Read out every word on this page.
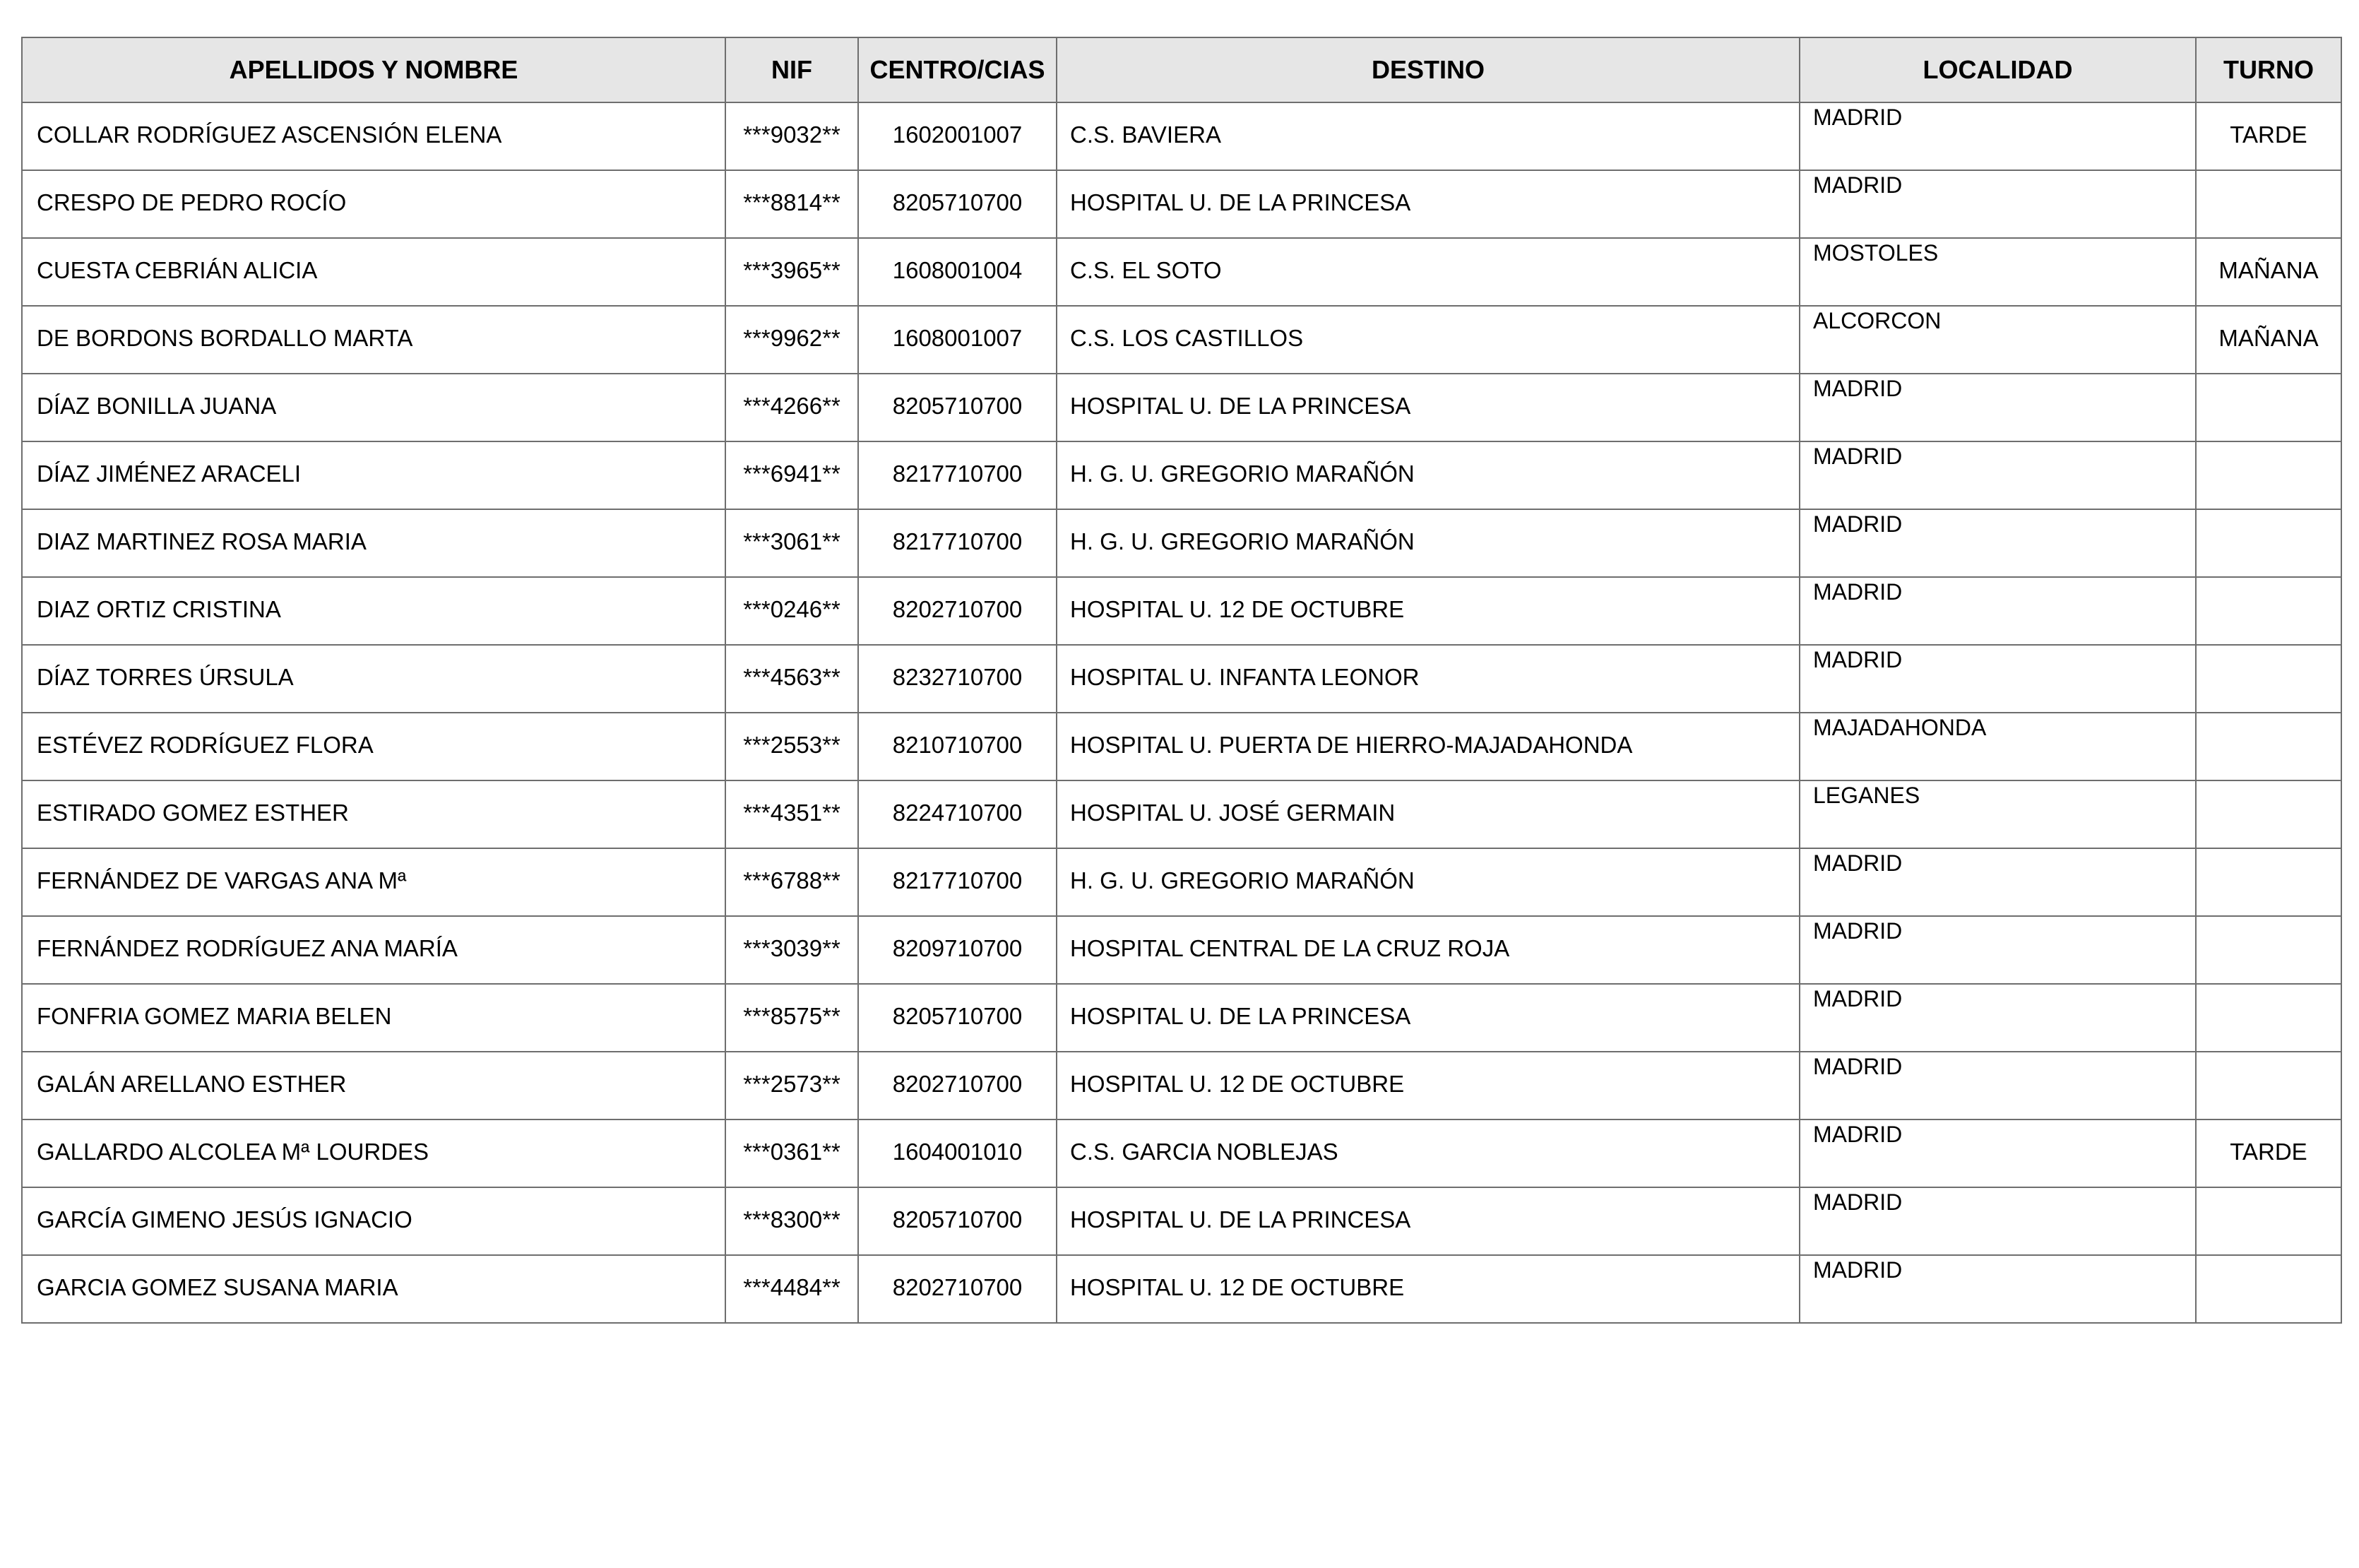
APELLIDOS Y NOMBRE	NIF	CENTRO/CIAS	DESTINO	LOCALIDAD	TURNO
COLLAR RODRÍGUEZ ASCENSIÓN ELENA	***9032**	1602001007	C.S. BAVIERA	MADRID	TARDE
CRESPO DE PEDRO ROCÍO	***8814**	8205710700	HOSPITAL U. DE LA PRINCESA	MADRID	
CUESTA CEBRIÁN ALICIA	***3965**	1608001004	C.S. EL SOTO	MOSTOLES	MAÑANA
DE BORDONS BORDALLO MARTA	***9962**	1608001007	C.S. LOS CASTILLOS	ALCORCON	MAÑANA
DÍAZ BONILLA JUANA	***4266**	8205710700	HOSPITAL U. DE LA PRINCESA	MADRID	
DÍAZ JIMÉNEZ ARACELI	***6941**	8217710700	H. G. U. GREGORIO MARAÑÓN	MADRID	
DIAZ MARTINEZ ROSA MARIA	***3061**	8217710700	H. G. U. GREGORIO MARAÑÓN	MADRID	
DIAZ ORTIZ CRISTINA	***0246**	8202710700	HOSPITAL U. 12 DE OCTUBRE	MADRID	
DÍAZ TORRES ÚRSULA	***4563**	8232710700	HOSPITAL U. INFANTA LEONOR	MADRID	
ESTÉVEZ RODRÍGUEZ FLORA	***2553**	8210710700	HOSPITAL U. PUERTA DE HIERRO-MAJADAHONDA	MAJADAHONDA	
ESTIRADO GOMEZ ESTHER	***4351**	8224710700	HOSPITAL U. JOSÉ GERMAIN	LEGANES	
FERNÁNDEZ DE VARGAS ANA Mª	***6788**	8217710700	H. G. U. GREGORIO MARAÑÓN	MADRID	
FERNÁNDEZ RODRÍGUEZ ANA MARÍA	***3039**	8209710700	HOSPITAL CENTRAL DE LA CRUZ ROJA	MADRID	
FONFRIA GOMEZ MARIA BELEN	***8575**	8205710700	HOSPITAL U. DE LA PRINCESA	MADRID	
GALÁN ARELLANO ESTHER	***2573**	8202710700	HOSPITAL U. 12 DE OCTUBRE	MADRID	
GALLARDO ALCOLEA Mª LOURDES	***0361**	1604001010	C.S. GARCIA NOBLEJAS	MADRID	TARDE
GARCÍA GIMENO JESÚS IGNACIO	***8300**	8205710700	HOSPITAL U. DE LA PRINCESA	MADRID	
GARCIA GOMEZ SUSANA MARIA	***4484**	8202710700	HOSPITAL U. 12 DE OCTUBRE	MADRID	
